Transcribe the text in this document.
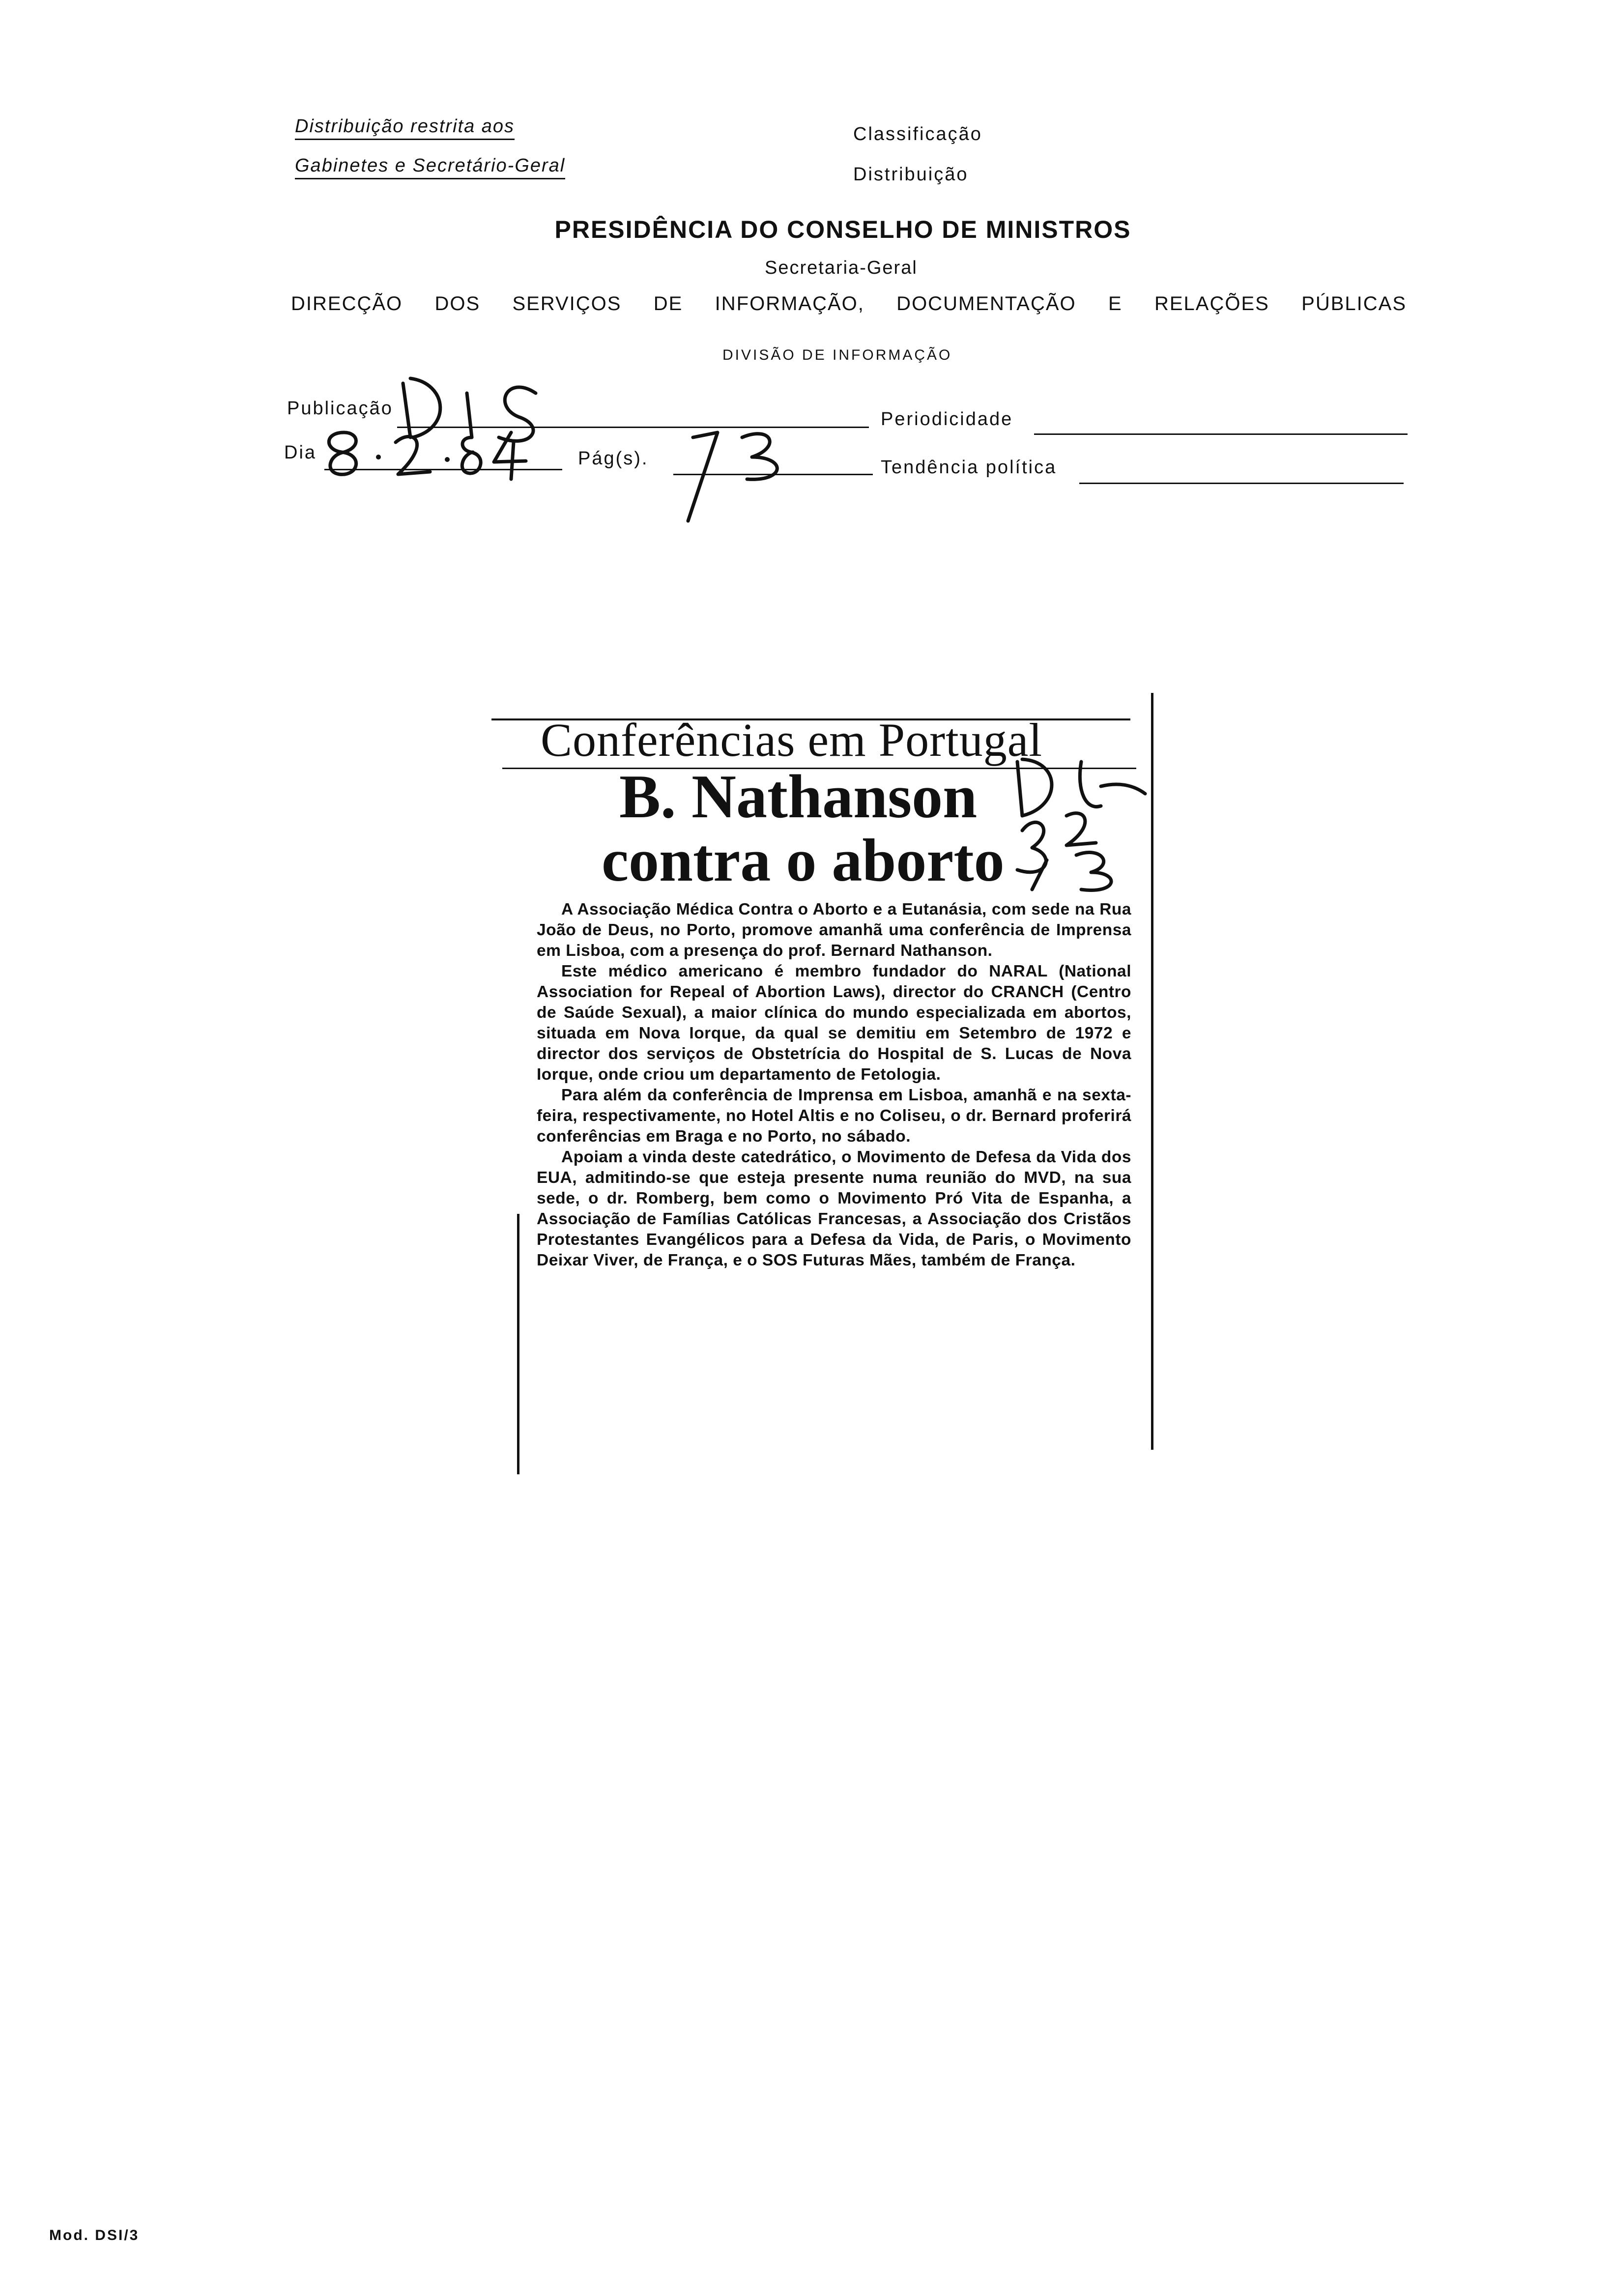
Distribuição restrita aos
Gabinetes e Secretário-Geral
Classificação
Distribuição
PRESIDÊNCIA DO CONSELHO DE MINISTROS
Secretaria-Geral
DIRECÇÃO DOS SERVIÇOS DE INFORMAÇÃO, DOCUMENTAÇÃO E RELAÇÕES PÚBLICAS
DIVISÃO DE INFORMAÇÃO
Publicação
Periodicidade
Dia	Pág(s).	Tendência política
Conferências em Portugal
B. Nathanson
contra o aborto

A Associação Médica Contra o Aborto e a Eutanásia, com sede na Rua João de Deus, no Porto, promove amanhã uma conferência de Imprensa em Lisboa, com a presença do prof. Bernard Nathanson.

Este médico americano é membro fundador do NARAL (National Association for Repeal of Abortion Laws), director do CRANCH (Centro de Saúde Sexual), a maior clínica do mundo especializada em abortos, situada em Nova Iorque, da qual se demitiu em Setembro de 1972 e director dos serviços de Obstetrícia do Hospital de S. Lucas de Nova Iorque, onde criou um departamento de Fetologia.

Para além da conferência de Imprensa em Lisboa, amanhã e na sexta-feira, respectivamente, no Hotel Altis e no Coliseu, o dr. Bernard proferirá conferências em Braga e no Porto, no sábado.

Apoiam a vinda deste catedrático, o Movimento de Defesa da Vida dos EUA, admitindo-se que esteja presente numa reunião do MVD, na sua sede, o dr. Romberg, bem como o Movimento Pró Vita de Espanha, a Associação de Famílias Católicas Francesas, a Associação dos Cristãos Protestantes Evangélicos para a Defesa da Vida, de Paris, o Movimento Deixar Viver, de França, e o SOS Futuras Mães, também de França.

Mod. DSI/3
